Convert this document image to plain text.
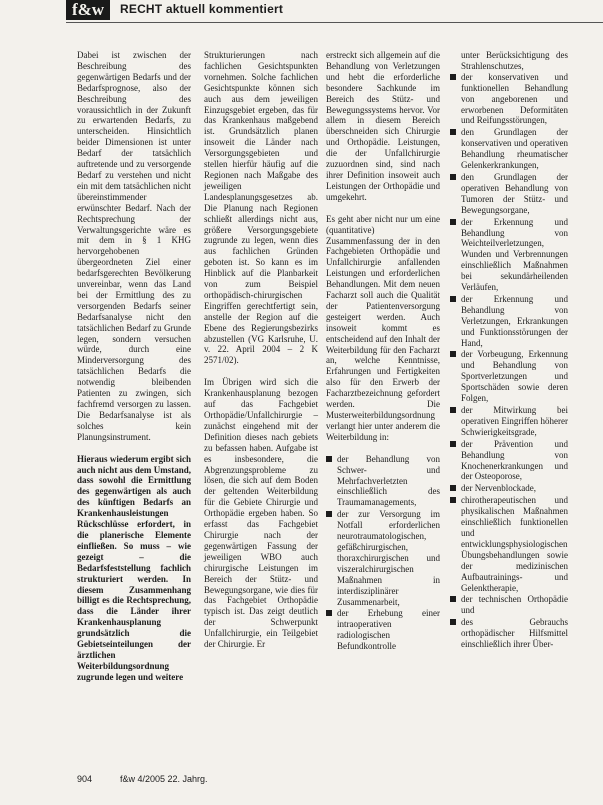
f&w	RECHT aktuell kommentiert

Dabei ist zwischen der Beschreibung des gegenwärtigen Bedarfs und der Bedarfsprognose, also der Beschreibung des voraussichtlich in der Zukunft zu erwartenden Bedarfs, zu unterscheiden. Hinsichtlich beider Dimensionen ist unter Bedarf der tatsächlich auftretende und zu versorgende Bedarf zu verstehen und nicht ein mit dem tatsächlichen nicht übereinstimmender erwünschter Bedarf. Nach der Rechtsprechung der Verwaltungsgerichte wäre es mit dem in § 1 KHG hervorgehobenen übergeordneten Ziel einer bedarfsgerechten Bevölkerung unvereinbar, wenn das Land bei der Ermittlung des zu versorgenden Bedarfs seiner Bedarfsanalyse nicht den tatsächlichen Bedarf zu Grunde legen, sondern versuchen würde, durch eine Minderversorgung des tatsächlichen Bedarfs die notwendig bleibenden Patienten zu zwingen, sich fachfremd versorgen zu lassen. Die Bedarfsanalyse ist als solches kein Planungsinstrument.

Hieraus wiederum ergibt sich auch nicht aus dem Umstand, dass sowohl die Ermittlung des gegenwärtigen als auch des künftigen Bedarfs an Krankenhausleistungen Rückschlüsse erfordert, in die planerische Elemente einfließen. So muss – wie gezeigt – die Bedarfsfeststellung fachlich strukturiert werden. In diesem Zusammenhang billigt es die Rechtsprechung, dass die Länder ihrer Krankenhausplanung grundsätzlich die Gebietseinteilungen der ärztlichen Weiterbildungsordnung zugrunde legen und weitere

Strukturierungen nach fachlichen Gesichtspunkten vornehmen. Solche fachlichen Gesichtspunkte können sich auch aus dem jeweiligen Einzugsgebiet ergeben, das für das Krankenhaus maßgebend ist. Grundsätzlich planen insoweit die Länder nach Versorgungsgebieten und stellen hierfür häufig auf die Regionen nach Maßgabe des jeweiligen Landesplanungsgesetzes ab. Die Planung nach Regionen schließt allerdings nicht aus, größere Versorgungsgebiete zugrunde zu legen, wenn dies aus fachlichen Gründen geboten ist. So kann es im Hinblick auf die Planbarkeit von zum Beispiel orthopädisch-chirurgischen Eingriffen gerechtfertigt sein, anstelle der Region auf die Ebene des Regierungsbezirks abzustellen (VG Karlsruhe, U. v. 22. April 2004 – 2 K 2571/02).

Im Übrigen wird sich die Krankenhausplanung bezogen auf das Fachgebiet Orthopädie/Unfallchirurgie – zunächst eingehend mit der Definition dieses nach gebiets zu befassen haben. Aufgabe ist es insbesondere, die Abgrenzungsprobleme zu lösen, die sich auf dem Boden der geltenden Weiterbildung für die Gebiete Chirurgie und Orthopädie ergeben haben. So erfasst das Fachgebiet Chirurgie nach der gegenwärtigen Fassung der jeweiligen WBO auch chirurgische Leistungen im Bereich der Stütz- und Bewegungsorgane, wie dies für das Fachgebiet Orthopädie typisch ist. Das zeigt deutlich der Schwerpunkt Unfallchirurgie, ein Teilgebiet der Chirurgie. Er

erstreckt sich allgemein auf die Behandlung von Verletzungen und hebt die erforderliche besondere Sachkunde im Bereich des Stütz- und Bewegungssystems hervor. Vor allem in diesem Bereich überschneiden sich Chirurgie und Orthopädie. Leistungen, die der Unfallchirurgie zuzuordnen sind, sind nach ihrer Definition insoweit auch Leistungen der Orthopädie und umgekehrt.

Es geht aber nicht nur um eine (quantitative) Zusammenfassung der in den Fachgebieten Orthopädie und Unfallchirurgie anfallenden Leistungen und erforderlichen Behandlungen. Mit dem neuen Facharzt soll auch die Qualität der Patientenversorgung gesteigert werden. Auch insoweit kommt es entscheidend auf den Inhalt der Weiterbildung für den Facharzt an, welche Kenntnisse, Erfahrungen und Fertigkeiten also für den Erwerb der Facharztbezeichnung gefordert werden. Die Musterweiterbildungsordnung verlangt hier unter anderem die Weiterbildung in:

der Behandlung von Schwer- und Mehrfachverletzten einschließlich des Traumamanagements,
der zur Versorgung im Notfall erforderlichen neurotraumatologischen, gefäßchirurgischen, thoraxchirurgischen und viszeralchirurgischen Maßnahmen in interdisziplinärer Zusammenarbeit,
der Erhebung einer intraoperativen radiologischen Befundkontrolle

unter Berücksichtigung des Strahlenschutzes,

der konservativen und funktionellen Behandlung von angeborenen und erworbenen Deformitäten und Reifungsstörungen,
den Grundlagen der konservativen und operativen Behandlung rheumatischer Gelenkerkrankungen,
den Grundlagen der operativen Behandlung von Tumoren der Stütz- und Bewegungsorgane,
der Erkennung und Behandlung von Weichteilverletzungen, Wunden und Verbrennungen einschließlich Maßnahmen bei sekundärheilenden Verläufen,
der Erkennung und Behandlung von Verletzungen, Erkrankungen und Funktionsstörungen der Hand,
der Vorbeugung, Erkennung und Behandlung von Sportverletzungen und Sportschäden sowie deren Folgen,
der Mitwirkung bei operativen Eingriffen höherer Schwierigkeitsgrade,
der Prävention und Behandlung von Knochenerkrankungen und der Osteoporose,
der Nervenblockade,
chirotherapeutischen und physikalischen Maßnahmen einschließlich funktionellen und entwicklungsphysiologischen Übungsbehandlungen sowie der medizinischen Aufbautrainings- und Gelenktherapie,
der technischen Orthopädie und
des Gebrauchs orthopädischer Hilfsmittel einschließlich ihrer Über-
904	f&w 4/2005 22. Jahrg.
